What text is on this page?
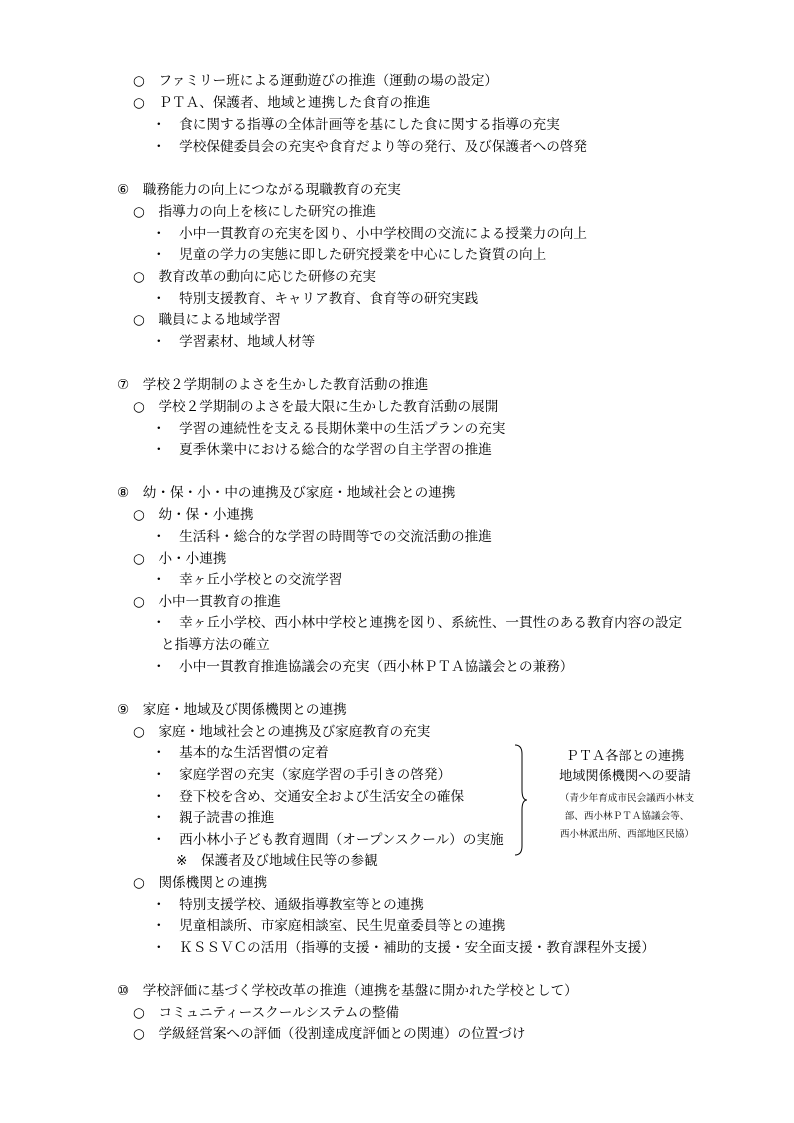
○　ファミリー班による運動遊びの推進（運動の場の設定）
○　ＰＴＡ、保護者、地域と連携した食育の推進
・　食に関する指導の全体計画等を基にした食に関する指導の充実
・　学校保健委員会の充実や食育だより等の発行、及び保護者への啓発
⑥　職務能力の向上につながる現職教育の充実
○　指導力の向上を核にした研究の推進
・　小中一貫教育の充実を図り、小中学校間の交流による授業力の向上
・　児童の学力の実態に即した研究授業を中心にした資質の向上
○　教育改革の動向に応じた研修の充実
・　特別支援教育、キャリア教育、食育等の研究実践
○　職員による地域学習
・　学習素材、地域人材等
⑦　学校２学期制のよさを生かした教育活動の推進
○　学校２学期制のよさを最大限に生かした教育活動の展開
・　学習の連続性を支える長期休業中の生活プランの充実
・　夏季休業中における総合的な学習の自主学習の推進
⑧　幼・保・小・中の連携及び家庭・地域社会との連携
○　幼・保・小連携
・　生活科・総合的な学習の時間等での交流活動の推進
○　小・小連携
・　幸ヶ丘小学校との交流学習
○　小中一貫教育の推進
・　幸ヶ丘小学校、西小林中学校と連携を図り、系統性、一貫性のある教育内容の設定
と指導方法の確立
・　小中一貫教育推進協議会の充実（西小林ＰＴＡ協議会との兼務）
⑨　家庭・地域及び関係機関との連携
○　家庭・地域社会との連携及び家庭教育の充実
・　基本的な生活習慣の定着
・　家庭学習の充実（家庭学習の手引きの啓発）
・　登下校を含め、交通安全および生活安全の確保
・　親子読書の推進
・　西小林小子ども教育週間（オープンスクール）の実施
※　保護者及び地域住民等の参観
○　関係機関との連携
・　特別支援学校、通級指導教室等との連携
・　児童相談所、市家庭相談室、民生児童委員等との連携
・　ＫＳＳＶＣの活用（指導的支援・補助的支援・安全面支援・教育課程外支援）
⑩　学校評価に基づく学校改革の推進（連携を基盤に開かれた学校として）
○　コミュニティースクールシステムの整備
○　学級経営案への評価（役割達成度評価との関連）の位置づけ
ＰＴＡ各部との連携
地域関係機関への要請
（青少年育成市民会議西小林支
部、西小林ＰＴＡ協議会等、
西小林派出所、西部地区民協）
